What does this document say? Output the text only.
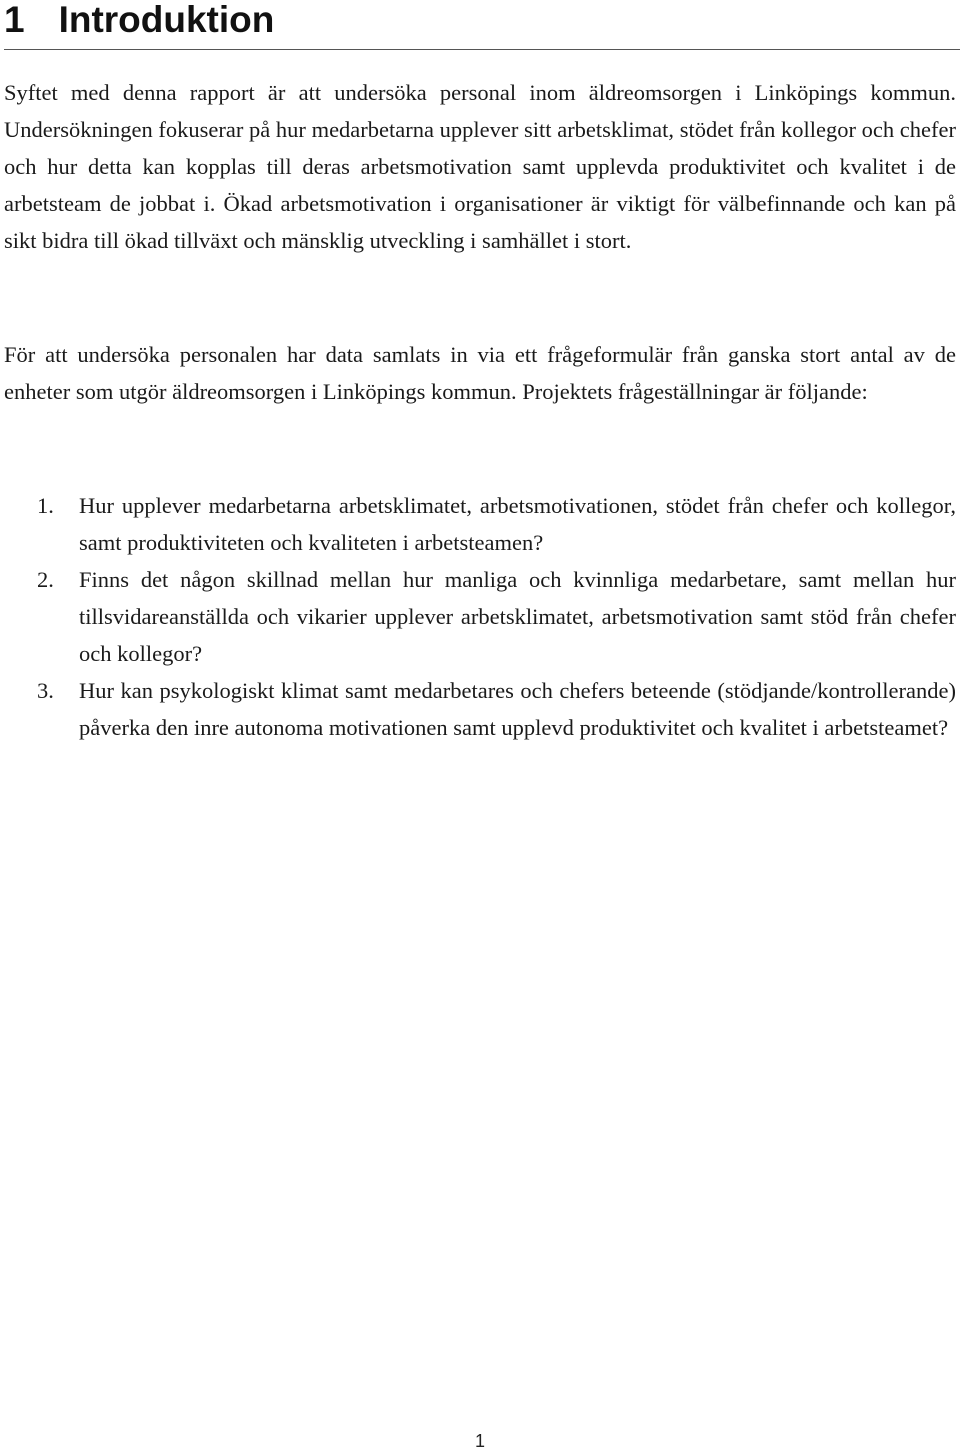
1 Introduktion

Syftet med denna rapport är att undersöka personal inom äldreomsorgen i Linköpings kommun. Undersökningen fokuserar på hur medarbetarna upplever sitt arbetsklimat, stödet från kollegor och chefer och hur detta kan kopplas till deras arbetsmotivation samt upplevda produktivitet och kvalitet i de arbetsteam de jobbat i. Ökad arbetsmotivation i organisationer är viktigt för välbefinnande och kan på sikt bidra till ökad tillväxt och mänsklig utveckling i samhället i stort.

För att undersöka personalen har data samlats in via ett frågeformulär från ganska stort antal av de enheter som utgör äldreomsorgen i Linköpings kommun. Projektets frågeställningar är följande:

1. Hur upplever medarbetarna arbetsklimatet, arbetsmotivationen, stödet från chefer och kollegor, samt produktiviteten och kvaliteten i arbetsteamen?
2. Finns det någon skillnad mellan hur manliga och kvinnliga medarbetare, samt mellan hur tillsvidareanställda och vikarier upplever arbetsklimatet, arbetsmotivation samt stöd från chefer och kollegor?
3. Hur kan psykologiskt klimat samt medarbetares och chefers beteende (stödjande/kontrollerande) påverka den inre autonoma motivationen samt upplevd produktivitet och kvalitet i arbetsteamet?
1
